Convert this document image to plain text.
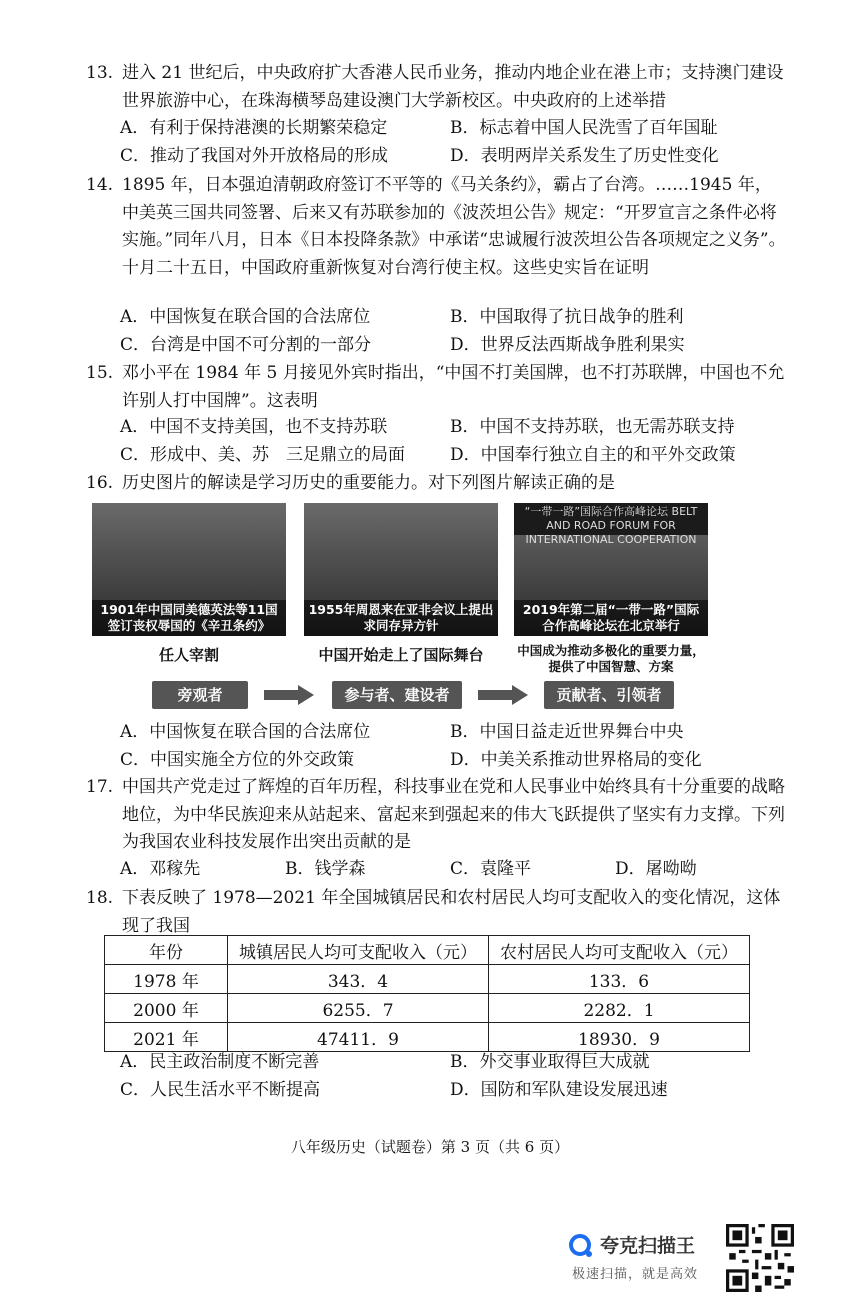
13. 进入 21 世纪后，中央政府扩大香港人民币业务，推动内地企业在港上市；支持澳门建设世界旅游中心，在珠海横琴岛建设澳门大学新校区。中央政府的上述举措
A．有利于保持港澳的长期繁荣稳定	B．标志着中国人民洗雪了百年国耻
C．推动了我国对外开放格局的形成	D．表明两岸关系发生了历史性变化
14. 1895 年，日本强迫清朝政府签订不平等的《马关条约》，霸占了台湾。……1945 年，中美英三国共同签署、后来又有苏联参加的《波茨坦公告》规定：“开罗宣言之条件必将实施。”同年八月，日本《日本投降条款》中承诺“忠诚履行波茨坦公告各项规定之义务”。十月二十五日，中国政府重新恢复对台湾行使主权。这些史实旨在证明
A．中国恢复在联合国的合法席位	B．中国取得了抗日战争的胜利
C．台湾是中国不可分割的一部分	D．世界反法西斯战争胜利果实
15. 邓小平在 1984 年 5 月接见外宾时指出，“中国不打美国牌，也不打苏联牌，中国也不允许别人打中国牌”。这表明
A．中国不支持美国，也不支持苏联	B．中国不支持苏联，也无需苏联支持
C．形成中、美、苏　三足鼎立的局面	D．中国奉行独立自主的和平外交政策
16. 历史图片的解读是学习历史的重要能力。对下列图片解读正确的是
1901年中国同美德英法等11国签订丧权辱国的《辛丑条约》
1955年周恩来在亚非会议上提出求同存异方针
“一带一路”国际合作高峰论坛 BELT AND ROAD FORUM FOR INTERNATIONAL COOPERATION
2019年第二届“一带一路”国际合作高峰论坛在北京举行
任人宰割	中国开始走上了国际舞台	中国成为推动多极化的重要力量，提供了中国智慧、方案
旁观者	参与者、建设者	贡献者、引领者
A．中国恢复在联合国的合法席位	B．中国日益走近世界舞台中央
C．中国实施全方位的外交政策	D．中美关系推动世界格局的变化
17. 中国共产党走过了辉煌的百年历程，科技事业在党和人民事业中始终具有十分重要的战略地位，为中华民族迎来从站起来、富起来到强起来的伟大飞跃提供了坚实有力支撑。下列为我国农业科技发展作出突出贡献的是
A．邓稼先	B．钱学森	C．袁隆平	D．屠呦呦
18. 下表反映了 1978—2021 年全国城镇居民和农村居民人均可支配收入的变化情况，这体现了我国
年份	城镇居民人均可支配收入（元）	农村居民人均可支配收入（元）
1978 年	343．4	133．6
2000 年	6255．7	2282．1
2021 年	47411．9	18930．9
A．民主政治制度不断完善	B．外交事业取得巨大成就
C．人民生活水平不断提高	D．国防和军队建设发展迅速
八年级历史（试题卷）第 3 页（共 6 页）
夸克扫描王
极速扫描，就是高效
